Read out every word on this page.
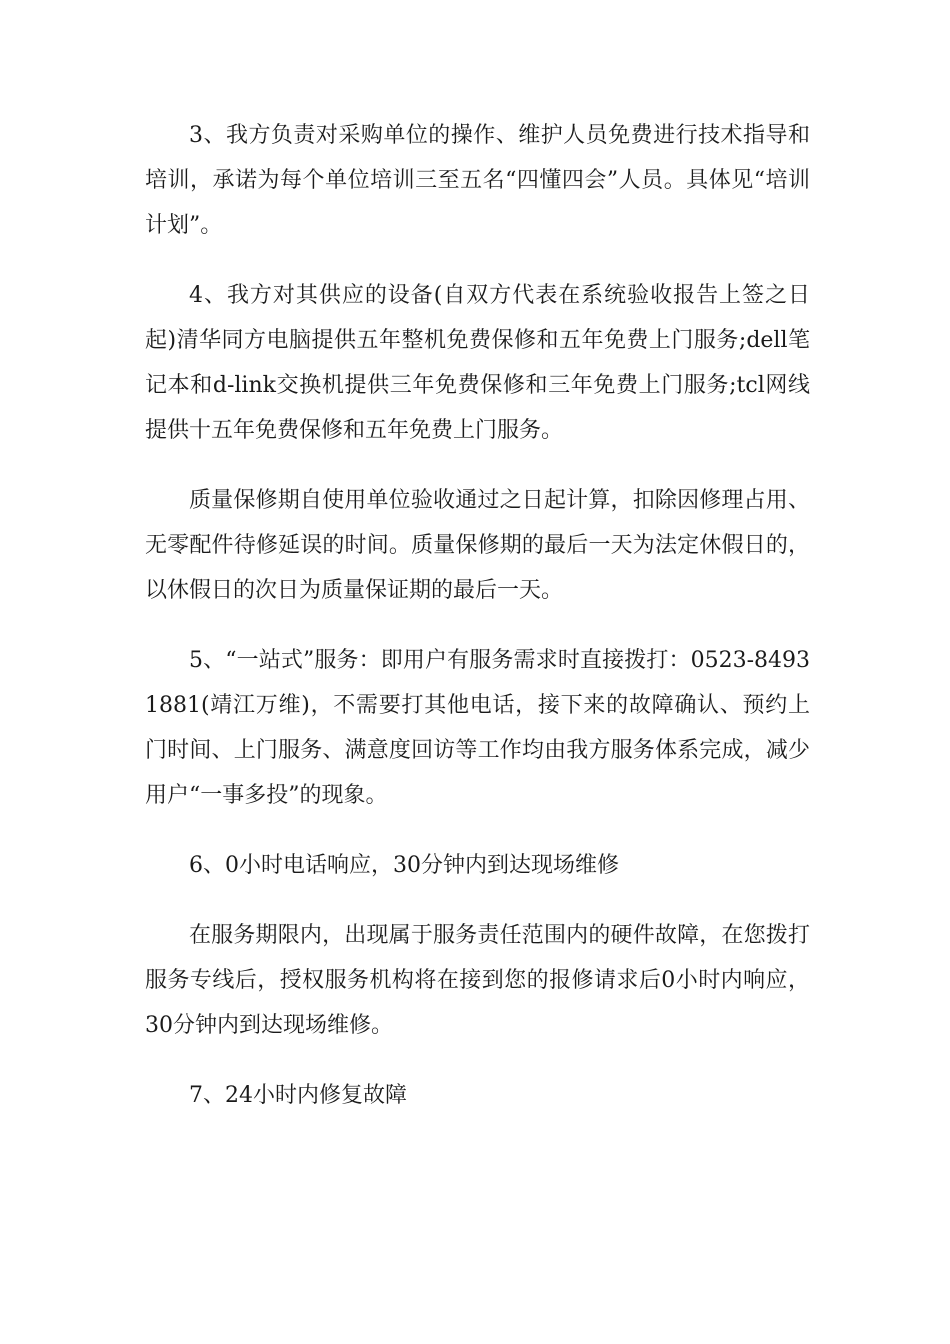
3、我方负责对采购单位的操作、维护人员免费进行技术指导和培训，承诺为每个单位培训三至五名“四懂四会”人员。具体见“培训计划”。

4、我方对其供应的设备(自双方代表在系统验收报告上签之日起)清华同方电脑提供五年整机免费保修和五年免费上门服务;dell笔记本和d-link交换机提供三年免费保修和三年免费上门服务;tcl网线提供十五年免费保修和五年免费上门服务。

质量保修期自使用单位验收通过之日起计算，扣除因修理占用、无零配件待修延误的时间。质量保修期的最后一天为法定休假日的，以休假日的次日为质量保证期的最后一天。

5、“一站式”服务：即用户有服务需求时直接拨打：0523-84931881(靖江万维)，不需要打其他电话，接下来的故障确认、预约上门时间、上门服务、满意度回访等工作均由我方服务体系完成，减少用户“一事多投”的现象。

6、0小时电话响应，30分钟内到达现场维修

在服务期限内，出现属于服务责任范围内的硬件故障，在您拨打服务专线后，授权服务机构将在接到您的报修请求后0小时内响应，30分钟内到达现场维修。

7、24小时内修复故障
